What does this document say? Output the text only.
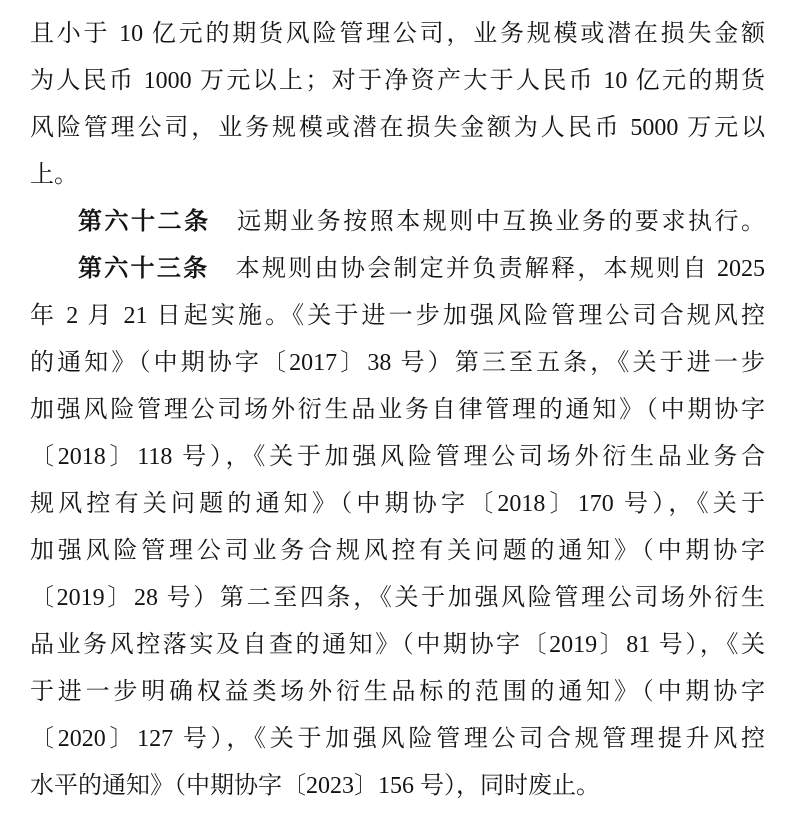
且小于 10 亿元的期货风险管理公司，业务规模或潜在损失金额
为人民币 1000 万元以上；对于净资产大于人民币 10 亿元的期货
风险管理公司，业务规模或潜在损失金额为人民币 5000 万元以
上。
第六十二条　远期业务按照本规则中互换业务的要求执行。
第六十三条　本规则由协会制定并负责解释，本规则自 2025
年 2 月 21 日起实施。《关于进一步加强风险管理公司合规风控
的通知》（中期协字〔2017〕38 号）第三至五条，《关于进一步
加强风险管理公司场外衍生品业务自律管理的通知》（中期协字
〔2018〕118 号），《关于加强风险管理公司场外衍生品业务合
规风控有关问题的通知》（中期协字〔2018〕170 号），《关于
加强风险管理公司业务合规风控有关问题的通知》（中期协字
〔2019〕28 号）第二至四条，《关于加强风险管理公司场外衍生
品业务风控落实及自查的通知》（中期协字〔2019〕81 号），《关
于进一步明确权益类场外衍生品标的范围的通知》（中期协字
〔2020〕127 号），《关于加强风险管理公司合规管理提升风控
水平的通知》（中期协字〔2023〕156 号），同时废止。
